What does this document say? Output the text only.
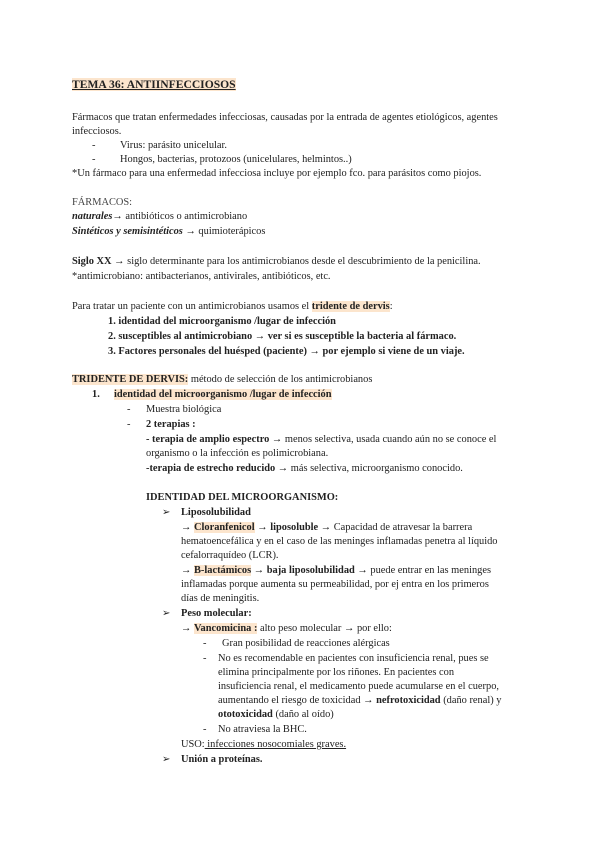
TEMA 36: ANTIINFECCIOSOS
Fármacos que tratan enfermedades infecciosas, causadas por la entrada de agentes etiológicos, agentes
infecciosos.
- Virus: parásito unicelular.
- Hongos, bacterias, protozoos (unicelulares, helmintos..)
*Un fármaco para una enfermedad infecciosa incluye por ejemplo fco. para parásitos como piojos.
FÁRMACOS:
naturales→ antibióticos o antimicrobiano
Sintéticos y semisintéticos → quimioterápicos
Siglo XX → siglo determinante para los antimicrobianos desde el descubrimiento de la penicilina.
*antimicrobiano: antibacterianos, antivirales, antibióticos, etc.
Para tratar un paciente con un antimicrobianos usamos el tridente de dervis:
1. identidad del microorganismo /lugar de infección
2. susceptibles al antimicrobiano → ver si es susceptible la bacteria al fármaco.
3. Factores personales del huésped (paciente) → por ejemplo si viene de un viaje.
TRIDENTE DE DERVIS: método de selección de los antimicrobianos
1. identidad del microorganismo /lugar de infección
- Muestra biológica
- 2 terapias :
- terapia de amplio espectro → menos selectiva, usada cuando aún no se conoce el
organismo o la infección es polimicrobiana.
-terapia de estrecho reducido → más selectiva, microorganismo conocido.
IDENTIDAD DEL MICROORGANISMO:
➢ Liposolubilidad
→ Cloranfenicol → liposoluble → Capacidad de atravesar la barrera
hematoencefálica y en el caso de las meninges inflamadas penetra al líquido
cefalorraquídeo (LCR).
→ B-lactámicos → baja liposolubilidad → puede entrar en las meninges
inflamadas porque aumenta su permeabilidad, por ej entra en los primeros
días de meningitis.
➢ Peso molecular:
→ Vancomicina : alto peso molecular → por ello:
- Gran posibilidad de reacciones alérgicas
- No es recomendable en pacientes con insuficiencia renal, pues se
elimina principalmente por los riñones. En pacientes con
insuficiencia renal, el medicamento puede acumularse en el cuerpo,
aumentando el riesgo de toxicidad → nefrotoxicidad (daño renal) y
ototoxicidad (daño al oído)
- No atraviesa la BHC.
USO: infecciones nosocomiales graves.
➢ Unión a proteínas.
